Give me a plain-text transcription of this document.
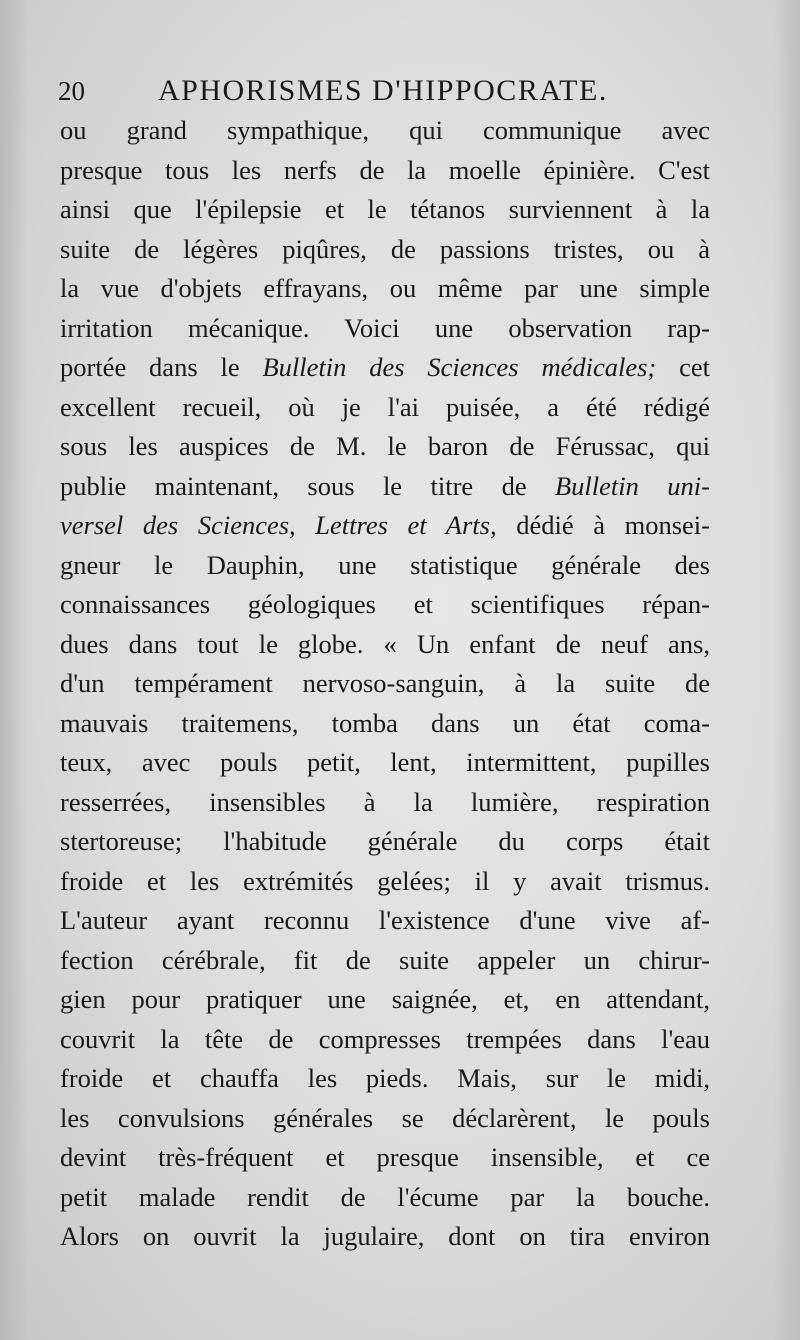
20 APHORISMES D'HIPPOCRATE.
ou grand sympathique, qui communique avec
presque tous les nerfs de la moelle épinière. C'est
ainsi que l'épilepsie et le tétanos surviennent à la
suite de légères piqûres, de passions tristes, ou à
la vue d'objets effrayans, ou même par une simple
irritation mécanique. Voici une observation rap-
portée dans le Bulletin des Sciences médicales; cet
excellent recueil, où je l'ai puisée, a été rédigé
sous les auspices de M. le baron de Férussac, qui
publie maintenant, sous le titre de Bulletin uni-
versel des Sciences, Lettres et Arts, dédié à monsei-
gneur le Dauphin, une statistique générale des
connaissances géologiques et scientifiques répan-
dues dans tout le globe. « Un enfant de neuf ans,
d'un tempérament nervoso-sanguin, à la suite de
mauvais traitemens, tomba dans un état coma-
teux, avec pouls petit, lent, intermittent, pupilles
resserrées, insensibles à la lumière, respiration
stertoreuse; l'habitude générale du corps était
froide et les extrémités gelées; il y avait trismus.
L'auteur ayant reconnu l'existence d'une vive af-
fection cérébrale, fit de suite appeler un chirur-
gien pour pratiquer une saignée, et, en attendant,
couvrit la tête de compresses trempées dans l'eau
froide et chauffa les pieds. Mais, sur le midi,
les convulsions générales se déclarèrent, le pouls
devint très-fréquent et presque insensible, et ce
petit malade rendit de l'écume par la bouche.
Alors on ouvrit la jugulaire, dont on tira environ
